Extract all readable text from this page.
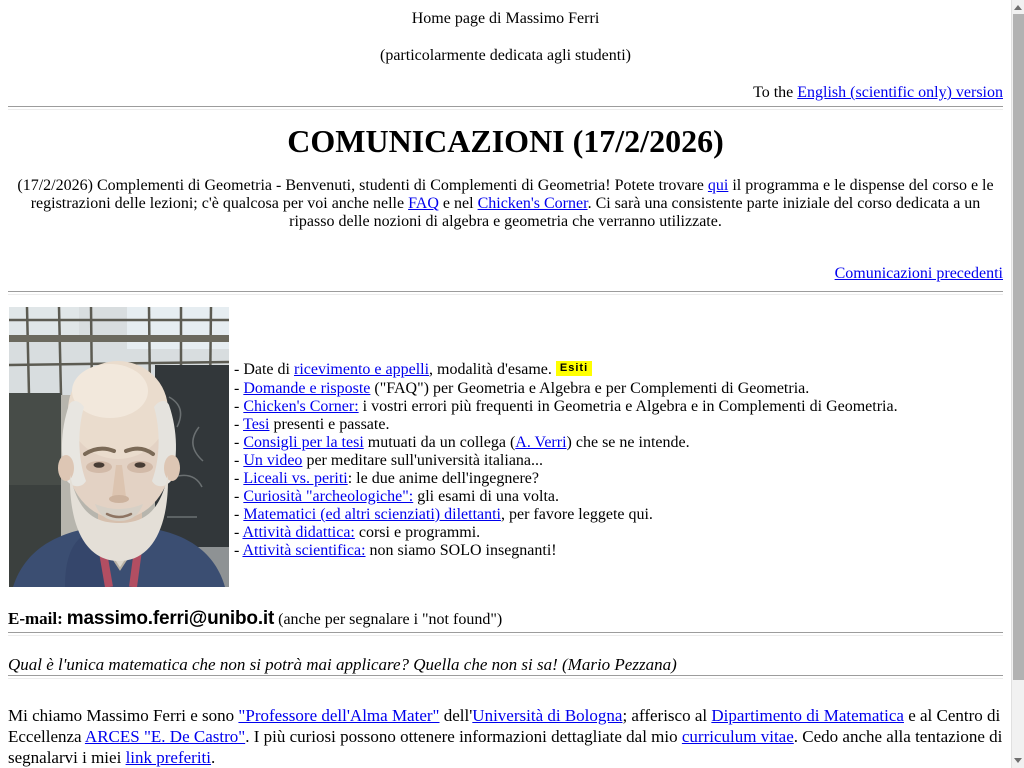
Home page di Massimo Ferri

(particolarmente dedicata agli studenti)

To the English (scientific only) version

COMUNICAZIONI (17/2/2026)

(17/2/2026) Complementi di Geometria - Benvenuti, studenti di Complementi di Geometria! Potete trovare qui il programma e le dispense del corso e le registrazioni delle lezioni; c'è qualcosa per voi anche nelle FAQ e nel Chicken's Corner. Ci sarà una consistente parte iniziale del corso dedicata a un ripasso delle nozioni di algebra e geometria che verranno utilizzate.

Comunicazioni precedenti

- Date di ricevimento e appelli, modalità d'esame. Esiti
- Domande e risposte ("FAQ") per Geometria e Algebra e per Complementi di Geometria.
- Chicken's Corner: i vostri errori più frequenti in Geometria e Algebra e in Complementi di Geometria.
- Tesi presenti e passate.
- Consigli per la tesi mutuati da un collega (A. Verri) che se ne intende.
- Un video per meditare sull'università italiana...
- Liceali vs. periti: le due anime dell'ingegnere?
- Curiosità "archeologiche": gli esami di una volta.
- Matematici (ed altri scienziati) dilettanti, per favore leggete qui.
- Attività didattica: corsi e programmi.
- Attività scientifica: non siamo SOLO insegnanti!

E-mail: massimo.ferri@unibo.it (anche per segnalare i "not found")

Qual è l'unica matematica che non si potrà mai applicare? Quella che non si sa! (Mario Pezzana)

Mi chiamo Massimo Ferri e sono "Professore dell'Alma Mater" dell'Università di Bologna; afferisco al Dipartimento di Matematica e al Centro di Eccellenza ARCES "E. De Castro". I più curiosi possono ottenere informazioni dettagliate dal mio curriculum vitae. Cedo anche alla tentazione di segnalarvi i miei link preferiti.
